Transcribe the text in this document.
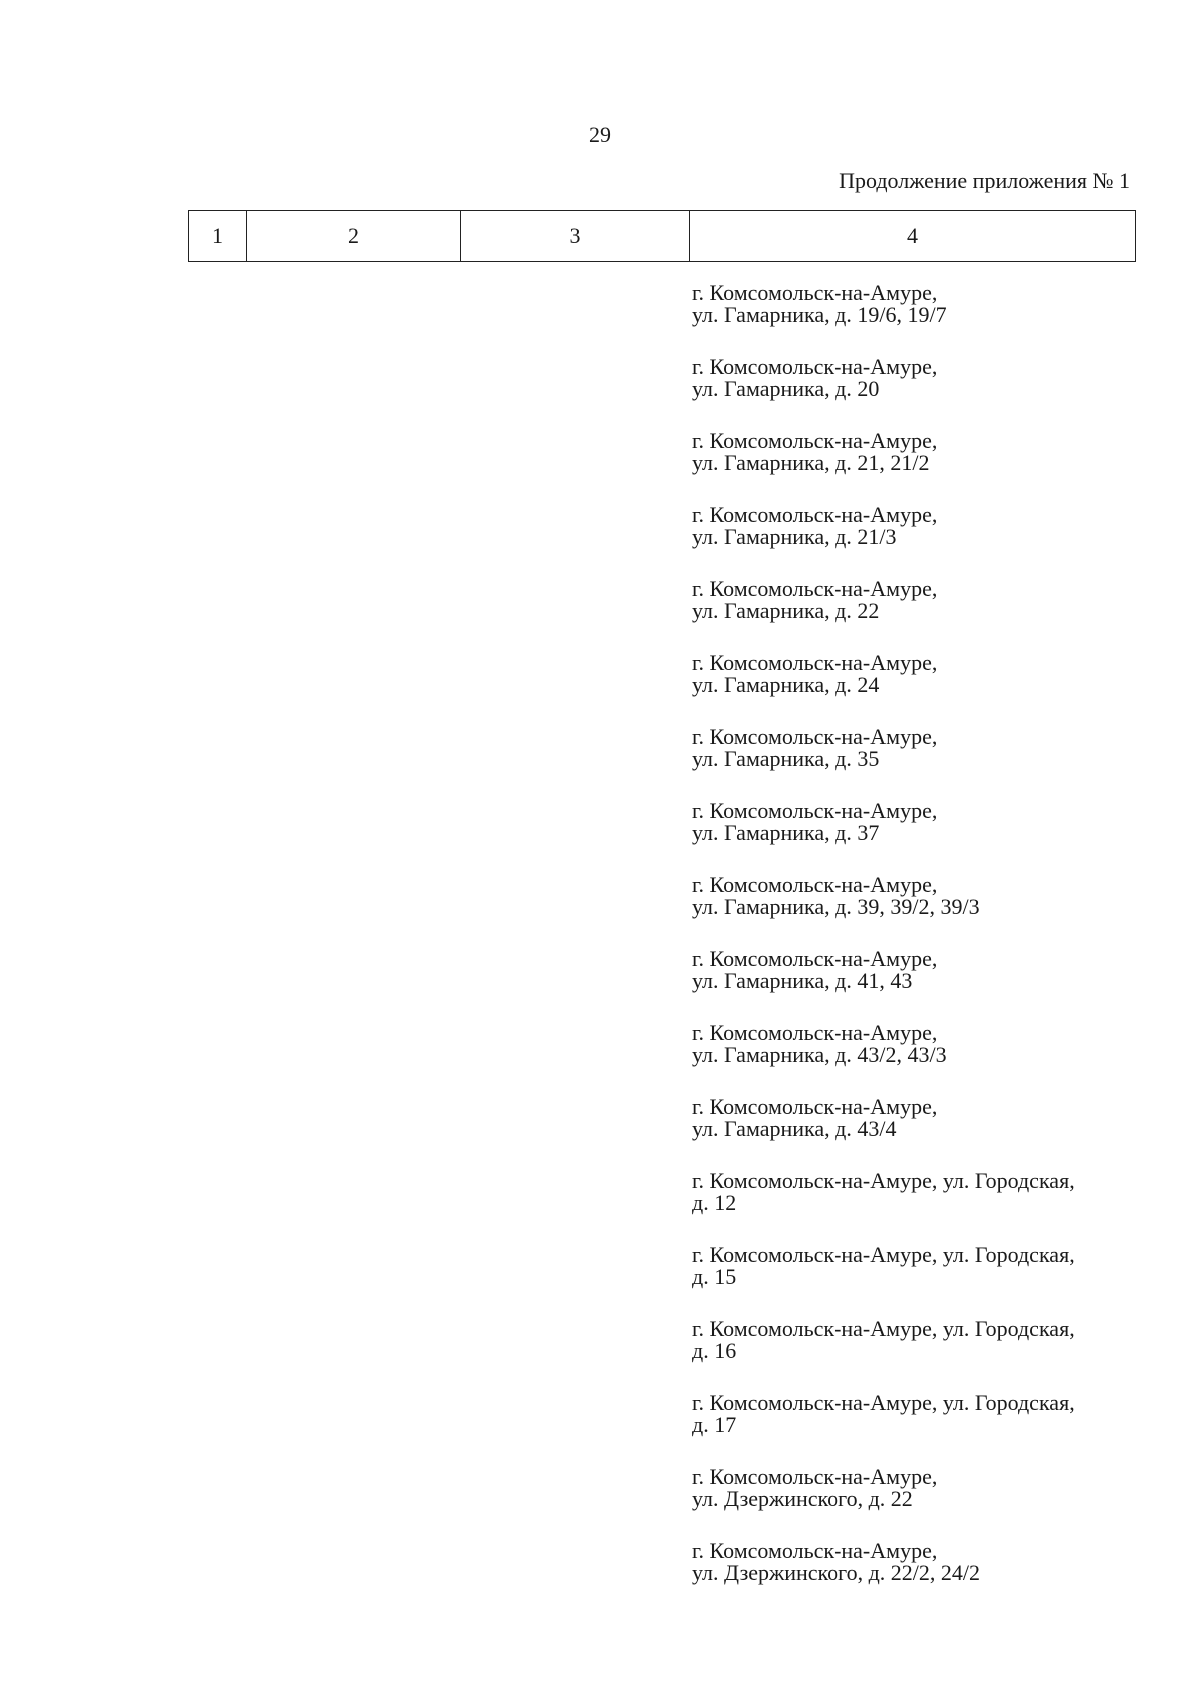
29
Продолжение приложения № 1
1	2	3	4
г. Комсомольск-на-Амуре,
ул. Гамарника, д. 19/6, 19/7
г. Комсомольск-на-Амуре,
ул. Гамарника, д. 20
г. Комсомольск-на-Амуре,
ул. Гамарника, д. 21, 21/2
г. Комсомольск-на-Амуре,
ул. Гамарника, д. 21/3
г. Комсомольск-на-Амуре,
ул. Гамарника, д. 22
г. Комсомольск-на-Амуре,
ул. Гамарника, д. 24
г. Комсомольск-на-Амуре,
ул. Гамарника, д. 35
г. Комсомольск-на-Амуре,
ул. Гамарника, д. 37
г. Комсомольск-на-Амуре,
ул. Гамарника, д. 39, 39/2, 39/3
г. Комсомольск-на-Амуре,
ул. Гамарника, д. 41, 43
г. Комсомольск-на-Амуре,
ул. Гамарника, д. 43/2, 43/3
г. Комсомольск-на-Амуре,
ул. Гамарника, д. 43/4
г. Комсомольск-на-Амуре, ул. Городская,
д. 12
г. Комсомольск-на-Амуре, ул. Городская,
д. 15
г. Комсомольск-на-Амуре, ул. Городская,
д. 16
г. Комсомольск-на-Амуре, ул. Городская,
д. 17
г. Комсомольск-на-Амуре,
ул. Дзержинского, д. 22
г. Комсомольск-на-Амуре,
ул. Дзержинского, д. 22/2, 24/2
